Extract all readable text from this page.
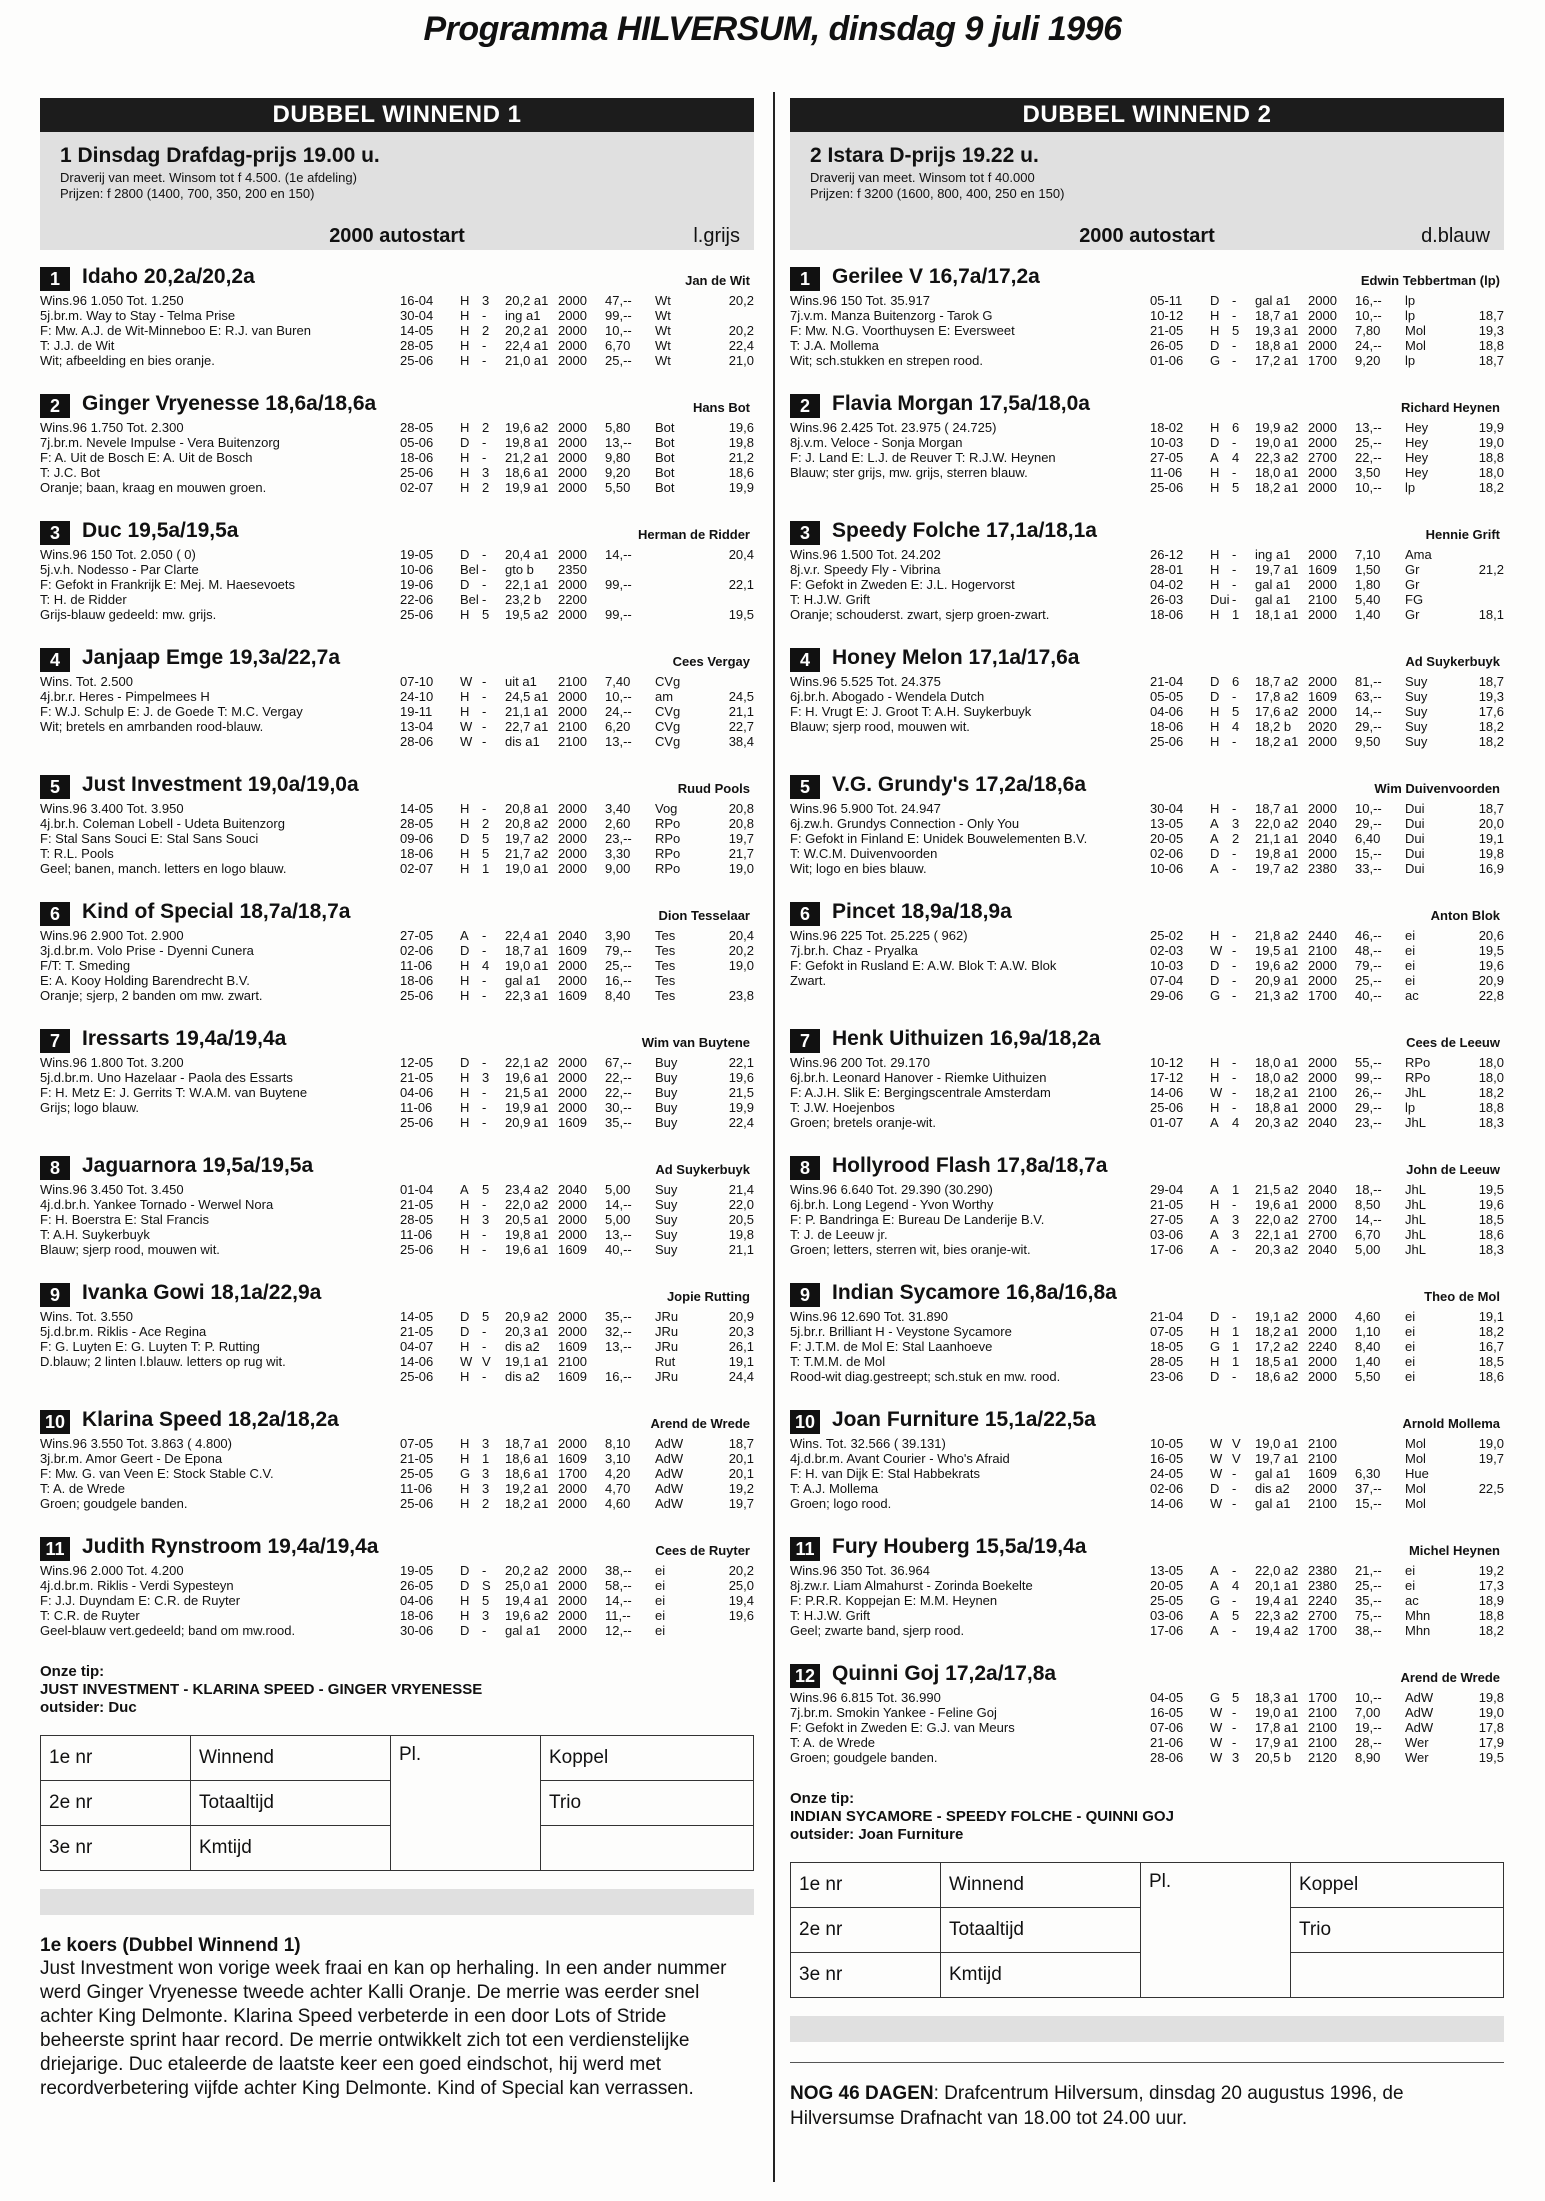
Programma HILVERSUM, dinsdag 9 juli 1996
DUBBEL WINNEND 1
1 Dinsdag Drafdag-prijs 19.00 u.
Draverij van meet. Winsom tot f 4.500. (1e afdeling)
Prijzen: f 2800 (1400, 700, 350, 200 en 150)
2000 autostart	l.grijs
1	Idaho 20,2a/20,2a	Jan de Wit
Wins.96 1.050 Tot. 1.250
5j.br.m. Way to Stay - Telma Prise
F: Mw. A.J. de Wit-Minneboo E: R.J. van Buren
T: J.J. de Wit
Wit; afbeelding en bies oranje.
16-04 H 3 20,2 a1 2000 47,-- Wt	20,2
30-04 H - ing a1 2000 99,-- Wt
14-05 H 2 20,2 a1 2000 10,-- Wt	20,2
28-05 H - 22,4 a1 2000 6,70 Wt	22,4
25-06 H - 21,0 a1 2000 25,-- Wt	21,0
2	Ginger Vryenesse 18,6a/18,6a	Hans Bot
Wins.96 1.750 Tot. 2.300
7j.br.m. Nevele Impulse - Vera Buitenzorg
F: A. Uit de Bosch E: A. Uit de Bosch
T: J.C. Bot
Oranje; baan, kraag en mouwen groen.
28-05 H 2 19,6 a2 2000 5,80 Bot	19,6
05-06 D - 19,8 a1 2000 13,-- Bot	19,8
18-06 H - 21,2 a1 2000 9,80 Bot	21,2
25-06 H 3 18,6 a1 2000 9,20 Bot	18,6
02-07 H 2 19,9 a1 2000 5,50 Bot	19,9
3	Duc 19,5a/19,5a	Herman de Ridder
Wins.96 150 Tot. 2.050 ( 0)
5j.v.h. Nodesso - Par Clarte
F: Gefokt in Frankrijk E: Mej. M. Haesevoets
T: H. de Ridder
Grijs-blauw gedeeld: mw. grijs.
19-05 D - 20,4 a1 2000 14,--	20,4
10-06 Bel - gto b 2350
19-06 D - 22,1 a1 2000 99,--	22,1
22-06 Bel - 23,2 b 2200
25-06 H 5 19,5 a2 2000 99,--	19,5
4	Janjaap Emge 19,3a/22,7a	Cees Vergay
Wins. Tot. 2.500
4j.br.r. Heres - Pimpelmees H
F: W.J. Schulp E: J. de Goede T: M.C. Vergay
Wit; bretels en amrbanden rood-blauw.
07-10 W - uit a1 2100 7,40 CVg
24-10 H - 24,5 a1 2000 10,-- am	24,5
19-11 H - 21,1 a1 2000 24,-- CVg	21,1
13-04 W - 22,7 a1 2100 6,20 CVg	22,7
28-06 W - dis a1 2100 13,-- CVg	38,4
5	Just Investment 19,0a/19,0a	Ruud Pools
Wins.96 3.400 Tot. 3.950
4j.br.h. Coleman Lobell - Udeta Buitenzorg
F: Stal Sans Souci E: Stal Sans Souci
T: R.L. Pools
Geel; banen, manch. letters en logo blauw.
14-05 H - 20,8 a1 2000 3,40 Vog	20,8
28-05 H 2 20,8 a2 2000 2,60 RPo	20,8
09-06 D 5 19,7 a2 2000 23,-- RPo	19,7
18-06 H 5 21,7 a2 2000 3,30 RPo	21,7
02-07 H 1 19,0 a1 2000 9,00 RPo	19,0
6	Kind of Special 18,7a/18,7a	Dion Tesselaar
Wins.96 2.900 Tot. 2.900
3j.d.br.m. Volo Prise - Dyenni Cunera
F/T: T. Smeding
E: A. Kooy Holding Barendrecht B.V.
Oranje; sjerp, 2 banden om mw. zwart.
27-05 A - 22,4 a1 2040 3,90 Tes	20,4
02-06 D - 18,7 a1 1609 79,-- Tes	20,2
11-06 H 4 19,0 a1 2000 25,-- Tes	19,0
18-06 H - gal a1 2000 16,-- Tes
25-06 H - 22,3 a1 1609 8,40 Tes	23,8
7	Iressarts 19,4a/19,4a	Wim van Buytene
Wins.96 1.800 Tot. 3.200
5j.d.br.m. Uno Hazelaar - Paola des Essarts
F: H. Metz E: J. Gerrits T: W.A.M. van Buytene
Grijs; logo blauw.
12-05 D - 22,1 a2 2000 67,-- Buy	22,1
21-05 H 3 19,6 a1 2000 22,-- Buy	19,6
04-06 H - 21,5 a1 2000 22,-- Buy	21,5
11-06 H - 19,9 a1 2000 30,-- Buy	19,9
25-06 H - 20,9 a1 1609 35,-- Buy	22,4
8	Jaguarnora 19,5a/19,5a	Ad Suykerbuyk
Wins.96 3.450 Tot. 3.450
4j.d.br.h. Yankee Tornado - Werwel Nora
F: H. Boerstra E: Stal Francis
T: A.H. Suykerbuyk
Blauw; sjerp rood, mouwen wit.
01-04 A 5 23,4 a2 2040 5,00 Suy	21,4
21-05 H - 22,0 a2 2000 14,-- Suy	22,0
28-05 H 3 20,5 a1 2000 5,00 Suy	20,5
11-06 H - 19,8 a1 2000 13,-- Suy	19,8
25-06 H - 19,6 a1 1609 40,-- Suy	21,1
9	Ivanka Gowi 18,1a/22,9a	Jopie Rutting
Wins. Tot. 3.550
5j.d.br.m. Riklis - Ace Regina
F: G. Luyten E: G. Luyten T: P. Rutting
D.blauw; 2 linten l.blauw. letters op rug wit.
14-05 D 5 20,9 a2 2000 35,-- JRu	20,9
21-05 D - 20,3 a1 2000 32,-- JRu	20,3
04-07 H - dis a2 1609 13,-- JRu	26,1
14-06 W V 19,1 a1 2100	Rut	19,1
25-06 H - dis a2 1609 16,-- JRu	24,4
10 Klarina Speed 18,2a/18,2a	Arend de Wrede
Wins.96 3.550 Tot. 3.863 ( 4.800)
3j.br.m. Amor Geert - De Epona
F: Mw. G. van Veen E: Stock Stable C.V.
T: A. de Wrede
Groen; goudgele banden.
07-05 H 3 18,7 a1 2000 8,10 AdW	18,7
21-05 H 1 18,6 a1 1609 3,10 AdW	20,1
25-05 G 3 18,6 a1 1700 4,20 AdW	20,1
11-06 H 3 19,2 a1 2000 4,70 AdW	19,2
25-06 H 2 18,2 a1 2000 4,60 AdW	19,7
11 Judith Rynstroom 19,4a/19,4a	Cees de Ruyter
Wins.96 2.000 Tot. 4.200
4j.d.br.m. Riklis - Verdi Sypesteyn
F: J.J. Duyndam E: C.R. de Ruyter
T: C.R. de Ruyter
Geel-blauw vert.gedeeld; band om mw.rood.
19-05 D - 20,2 a2 2000 38,-- ei	20,2
26-05 D S 25,0 a1 2000 58,-- ei	25,0
04-06 H 5 19,4 a1 2000 14,-- ei	19,4
18-06 H 3 19,6 a2 2000 11,-- ei	19,6
30-06 D - gal a1 2000 12,-- ei
Onze tip:
JUST INVESTMENT - KLARINA SPEED - GINGER VRYENESSE
outsider: Duc
1e nr	Winnend	Pl.	Koppel
2e nr	Totaaltijd		Trio
3e nr	Kmtijd		
1e koers (Dubbel Winnend 1)
Just Investment won vorige week fraai en kan op herhaling. In een ander nummer werd Ginger Vryenesse tweede achter Kalli Oranje. De merrie was eerder snel achter King Delmonte. Klarina Speed verbeterde in een door Lots of Stride beheerste sprint haar record. De merrie ontwikkelt zich tot een verdienstelijke driejarige. Duc etaleerde de laatste keer een goed eindschot, hij werd met recordverbetering vijfde achter King Delmonte. Kind of Special kan verrassen.
DUBBEL WINNEND 2
2 Istara D-prijs 19.22 u.
Draverij van meet. Winsom tot f 40.000
Prijzen: f 3200 (1600, 800, 400, 250 en 150)
2000 autostart	d.blauw
1	Gerilee V 16,7a/17,2a	Edwin Tebbertman (lp)
Wins.96 150 Tot. 35.917
7j.v.m. Manza Buitenzorg - Tarok G
F: Mw. N.G. Voorthuysen E: Eversweet
T: J.A. Mollema
Wit; sch.stukken en strepen rood.
05-11 D - gal a1 2000 16,-- lp
10-12 H - 18,7 a1 2000 10,-- lp	18,7
21-05 H 5 19,3 a1 2000 7,80 Mol	19,3
26-05 D - 18,8 a1 2000 24,-- Mol	18,8
01-06 G - 17,2 a1 1700 9,20 lp	18,7
2	Flavia Morgan 17,5a/18,0a	Richard Heynen
Wins.96 2.425 Tot. 23.975 ( 24.725)
8j.v.m. Veloce - Sonja Morgan
F: J. Land E: L.J. de Reuver T: R.J.W. Heynen
Blauw; ster grijs, mw. grijs, sterren blauw.
18-02 H 6 19,9 a2 2000 13,-- Hey	19,9
10-03 D - 19,0 a1 2000 25,-- Hey	19,0
27-05 A 4 22,3 a2 2700 22,-- Hey	18,8
11-06 H - 18,0 a1 2000 3,50 Hey	18,0
25-06 H 5 18,2 a1 2000 10,-- lp	18,2
3	Speedy Folche 17,1a/18,1a	Hennie Grift
Wins.96 1.500 Tot. 24.202
8j.v.r. Speedy Fly - Vibrina
F: Gefokt in Zweden E: J.L. Hogervorst
T: H.J.W. Grift
Oranje; schouderst. zwart, sjerp groen-zwart.
26-12 H - ing a1 2000 7,10 Ama
28-01 H - 19,7 a1 1609 1,50 Gr	21,2
04-02 H - gal a1 2000 1,80 Gr
26-03 Dui - gal a1 2100 5,40 FG
18-06 H 1 18,1 a1 2000 1,40 Gr	18,1
4	Honey Melon 17,1a/17,6a	Ad Suykerbuyk
Wins.96 5.525 Tot. 24.375
6j.br.h. Abogado - Wendela Dutch
F: H. Vrugt E: J. Groot T: A.H. Suykerbuyk
Blauw; sjerp rood, mouwen wit.
21-04 D 6 18,7 a2 2000 81,-- Suy	18,7
05-05 D - 17,8 a2 1609 63,-- Suy	19,3
04-06 H 5 17,6 a2 2000 14,-- Suy	17,6
18-06 H 4 18,2 b 2020 29,-- Suy	18,2
25-06 H - 18,2 a1 2000 9,50 Suy	18,2
5	V.G. Grundy's 17,2a/18,6a	Wim Duivenvoorden
Wins.96 5.900 Tot. 24.947
6j.zw.h. Grundys Connection - Only You
F: Gefokt in Finland E: Unidek Bouwelementen B.V.
T: W.C.M. Duivenvoorden
Wit; logo en bies blauw.
30-04 H - 18,7 a1 2000 10,-- Dui	18,7
13-05 A 3 22,0 a2 2040 29,-- Dui	20,0
20-05 A 2 21,1 a1 2040 6,40 Dui	19,1
02-06 D - 19,8 a1 2000 15,-- Dui	19,8
10-06 A - 19,7 a2 2380 33,-- Dui	16,9
6	Pincet 18,9a/18,9a	Anton Blok
Wins.96 225 Tot. 25.225 ( 962)
7j.br.h. Chaz - Pryalka
F: Gefokt in Rusland E: A.W. Blok T: A.W. Blok
Zwart.
25-02 H - 21,8 a2 2440 46,-- ei	20,6
02-03 W - 19,5 a1 2100 48,-- ei	19,5
10-03 D - 19,6 a2 2000 79,-- ei	19,6
07-04 D - 20,9 a1 2000 25,-- ei	20,9
29-06 G - 21,3 a2 1700 40,-- ac	22,8
7	Henk Uithuizen 16,9a/18,2a	Cees de Leeuw
Wins.96 200 Tot. 29.170
6j.br.h. Leonard Hanover - Riemke Uithuizen
F: A.J.H. Slik E: Bergingscentrale Amsterdam
T: J.W. Hoejenbos
Groen; bretels oranje-wit.
10-12 H - 18,0 a1 2000 55,-- RPo	18,0
17-12 H - 18,0 a2 2000 99,-- RPo	18,0
14-06 W - 18,2 a1 2100 26,-- JhL	18,2
25-06 H - 18,8 a1 2000 29,-- lp	18,8
01-07 A 4 20,3 a2 2040 23,-- JhL	18,3
8	Hollyrood Flash 17,8a/18,7a	John de Leeuw
Wins.96 6.640 Tot. 29.390 (30.290)
6j.br.h. Long Legend - Yvon Worthy
F: P. Bandringa E: Bureau De Landerije B.V.
T: J. de Leeuw jr.
Groen; letters, sterren wit, bies oranje-wit.
29-04 A 1 21,5 a2 2040 18,-- JhL	19,5
21-05 H - 19,6 a1 2000 8,50 JhL	19,6
27-05 A 3 22,0 a2 2700 14,-- JhL	18,5
03-06 A 3 22,1 a1 2700 6,70 JhL	18,6
17-06 A - 20,3 a2 2040 5,00 JhL	18,3
9	Indian Sycamore 16,8a/16,8a	Theo de Mol
Wins.96 12.690 Tot. 31.890
5j.br.r. Brilliant H - Veystone Sycamore
F: J.T.M. de Mol E: Stal Laanhoeve
T: T.M.M. de Mol
Rood-wit diag.gestreept; sch.stuk en mw. rood.
21-04 D - 19,1 a2 2000 4,60 ei	19,1
07-05 H 1 18,2 a1 2000 1,10 ei	18,2
18-05 G 1 17,2 a2 2240 8,40 ei	16,7
28-05 H 1 18,5 a1 2000 1,40 ei	18,5
23-06 D - 18,6 a2 2000 5,50 ei	18,6
10 Joan Furniture 15,1a/22,5a	Arnold Mollema
Wins. Tot. 32.566 ( 39.131)
4j.d.br.m. Avant Courier - Who's Afraid
F: H. van Dijk E: Stal Habbekrats
T: A.J. Mollema
Groen; logo rood.
10-05 W V 19,0 a1 2100	Mol	19,0
16-05 W V 19,7 a1 2100	Mol	19,7
24-05 W - gal a1 1609 6,30 Hue
02-06 D - dis a2 2000 37,-- Mol	22,5
14-06 W - gal a1 2100 15,-- Mol
11 Fury Houberg 15,5a/19,4a	Michel Heynen
Wins.96 350 Tot. 36.964
8j.zw.r. Liam Almahurst - Zorinda Boekelte
F: P.R.R. Koppejan E: M.M. Heynen
T: H.J.W. Grift
Geel; zwarte band, sjerp rood.
13-05 A - 22,0 a2 2380 21,-- ei	19,2
20-05 A 4 20,1 a1 2380 25,-- ei	17,3
25-05 G - 19,4 a1 2240 35,-- ac	18,9
03-06 A 5 22,3 a2 2700 75,-- Mhn	18,8
17-06 A - 19,4 a2 1700 38,-- Mhn	18,2
12 Quinni Goj 17,2a/17,8a	Arend de Wrede
Wins.96 6.815 Tot. 36.990
7j.br.m. Smokin Yankee - Feline Goj
F: Gefokt in Zweden E: G.J. van Meurs
T: A. de Wrede
Groen; goudgele banden.
04-05 G 5 18,3 a1 1700 10,-- AdW	19,8
16-05 W - 19,0 a1 2100 7,00 AdW	19,0
07-06 W - 17,8 a1 2100 19,-- AdW	17,8
21-06 W - 17,9 a1 2100 28,-- Wer	17,9
28-06 W 3 20,5 b 2120 8,90 Wer	19,5
Onze tip:
INDIAN SYCAMORE - SPEEDY FOLCHE - QUINNI GOJ
outsider: Joan Furniture
1e nr	Winnend	Pl.	Koppel
2e nr	Totaaltijd		Trio
3e nr	Kmtijd		
NOG 46 DAGEN: Drafcentrum Hilversum, dinsdag 20 augustus 1996, de Hilversumse Drafnacht van 18.00 tot 24.00 uur.
